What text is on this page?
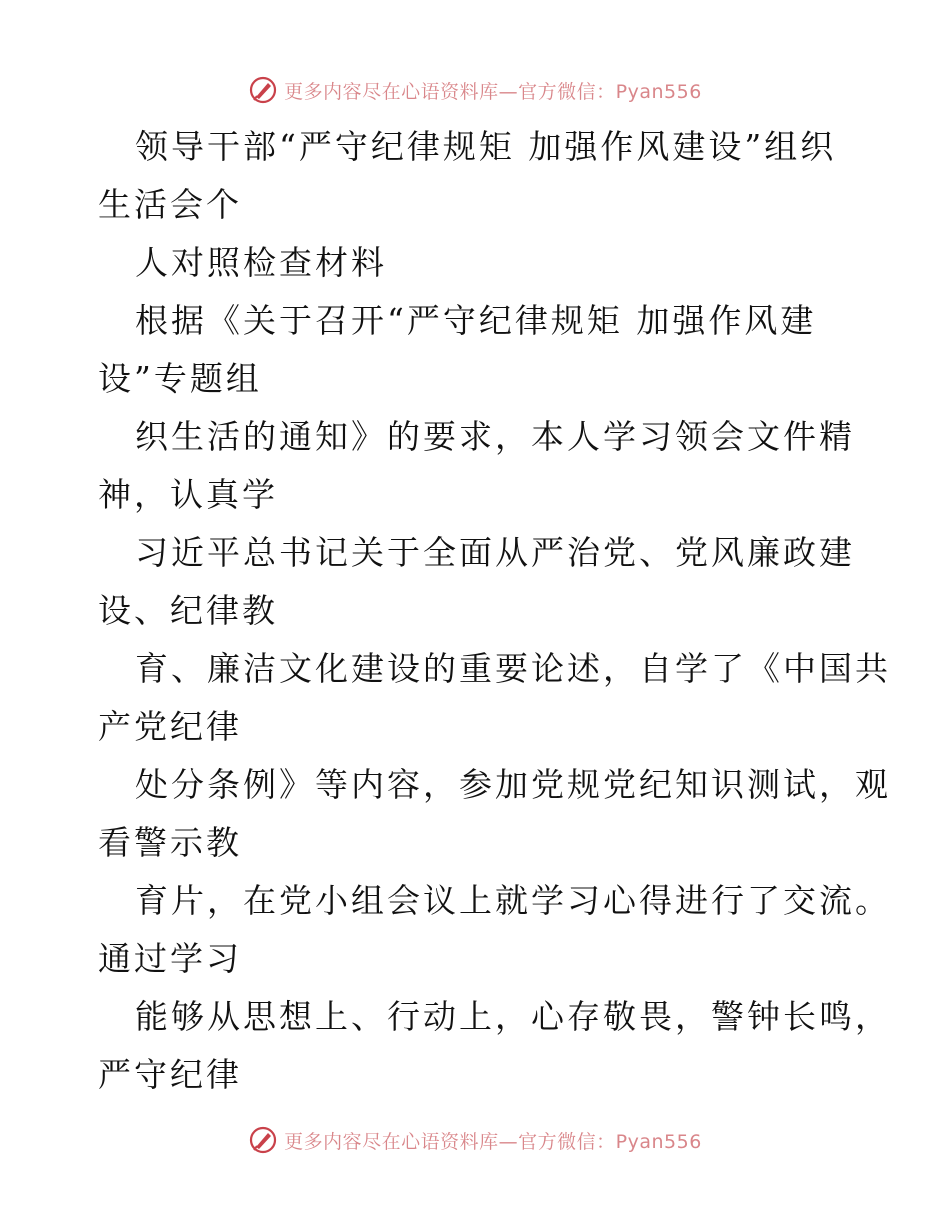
更多内容尽在心语资料库—官方微信：Pyan556
领导干部“严守纪律规矩 加强作风建设”组织
生活会个
人对照检查材料
根据《关于召开“严守纪律规矩 加强作风建
设”专题组
织生活的通知》的要求，本人学习领会文件精
神，认真学
习近平总书记关于全面从严治党、党风廉政建
设、纪律教
育、廉洁文化建设的重要论述，自学了《中国共
产党纪律
处分条例》等内容，参加党规党纪知识测试，观
看警示教
育片，在党小组会议上就学习心得进行了交流。
通过学习
能够从思想上、行动上，心存敬畏，警钟长鸣，
严守纪律
更多内容尽在心语资料库—官方微信：Pyan556
